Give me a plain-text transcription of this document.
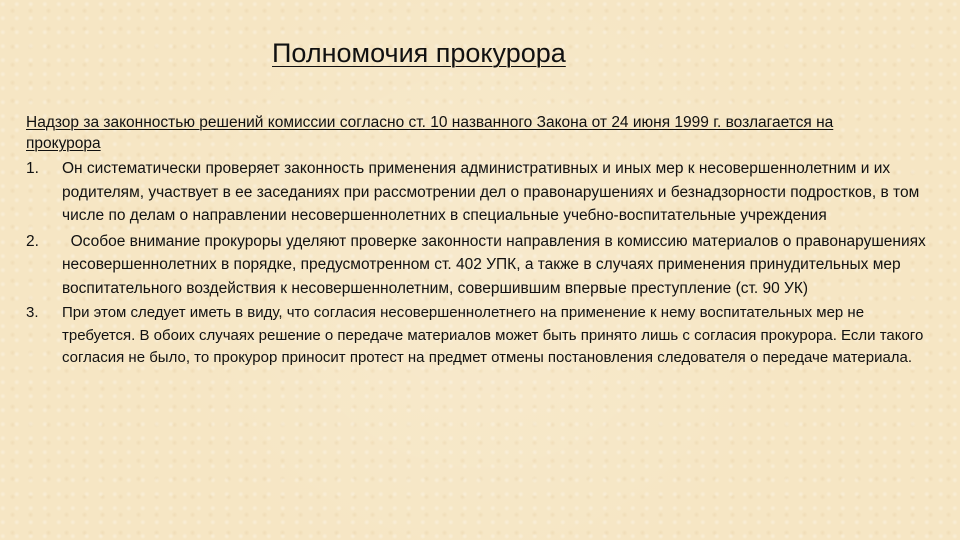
Полномочия прокурора
Надзор за законностью решений комиссии согласно ст. 10 названного Закона от 24 июня 1999 г. возлагается на прокурора
1. Он систематически проверяет законность применения административных и иных мер к несовершеннолетним и их родителям, участвует в ее заседаниях при рассмотрении дел о правонарушениях и безнадзорности подростков, в том числе по делам о направлении несовершеннолетних в специальные учебно-воспитательные учреждения
2. Особое внимание прокуроры уделяют проверке законности направления в комиссию материалов о правонарушениях несовершеннолетних в порядке, предусмотренном ст. 402 УПК, а также в случаях применения принудительных мер воспитательного воздействия к несовершеннолетним, совершившим впервые преступление (ст. 90 УК)
3. При этом следует иметь в виду, что согласия несовершеннолетнего на применение к нему воспитательных мер не требуется. В обоих случаях решение о передаче материалов может быть принято лишь с согласия прокурора. Если такого согласия не было, то прокурор приносит протест на предмет отмены постановления следователя о передаче материала.
